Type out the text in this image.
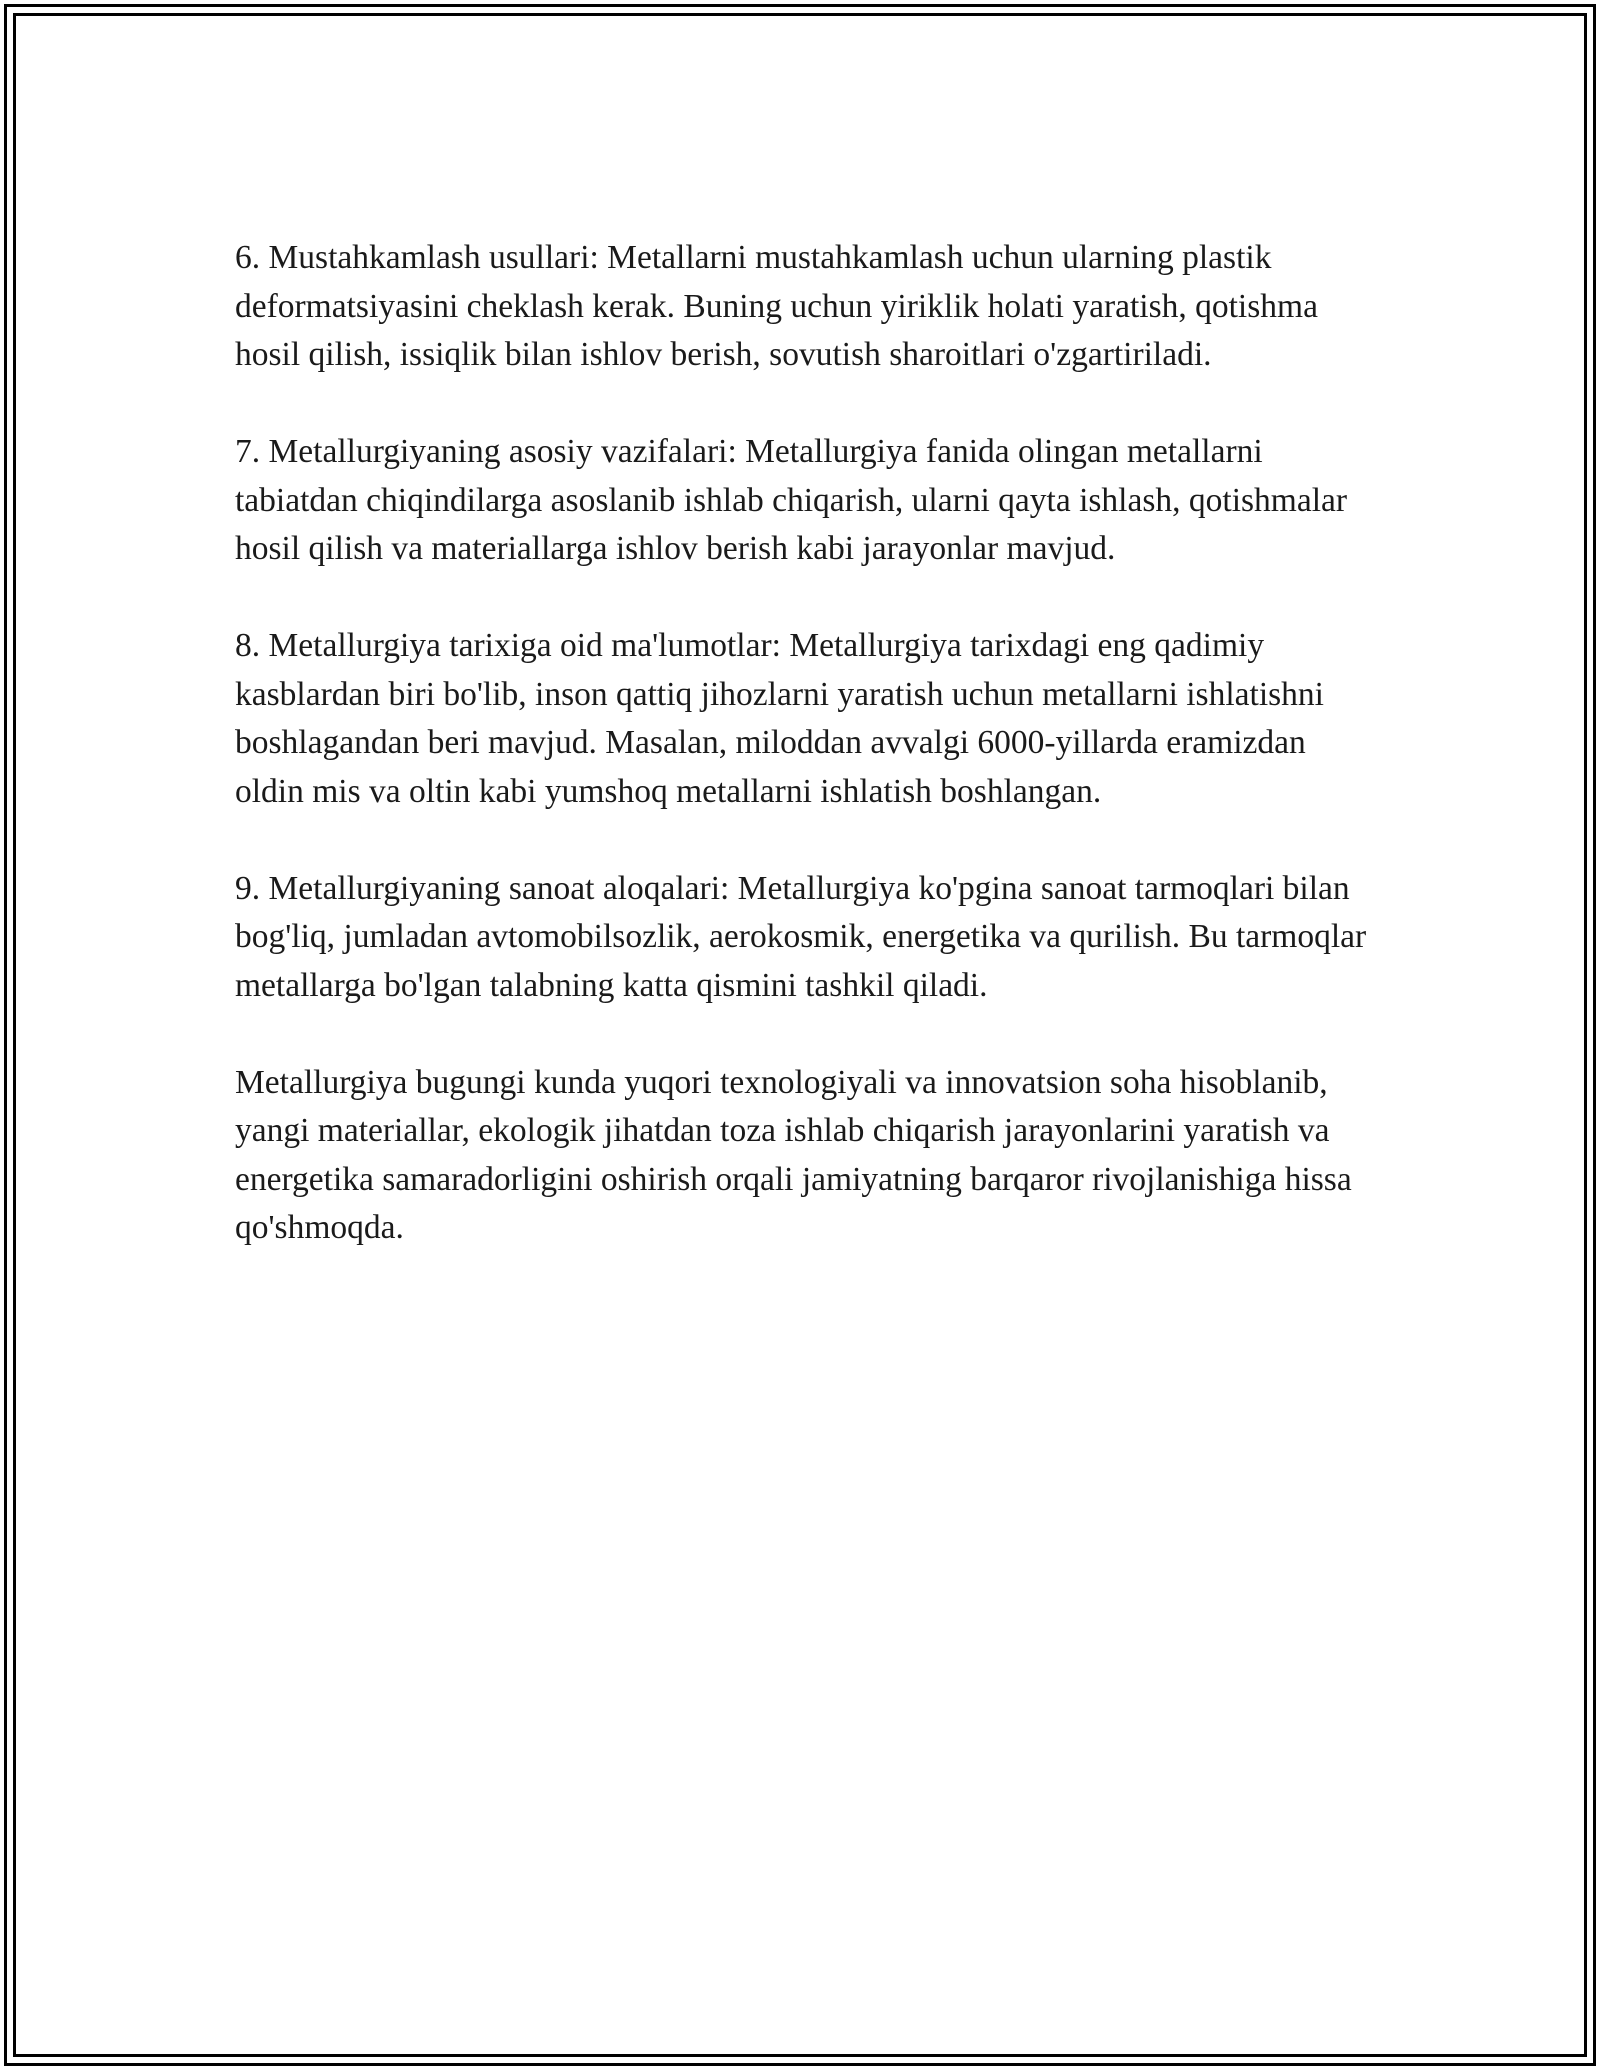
6. Mustahkamlash usullari: Metallarni mustahkamlash uchun ularning plastik deformatsiyasini cheklash kerak. Buning uchun yiriklik holati yaratish, qotishma hosil qilish, issiqlik bilan ishlov berish, sovutish sharoitlari o'zgartiriladi.

7. Metallurgiyaning asosiy vazifalari: Metallurgiya fanida olingan metallarni tabiatdan chiqindilarga asoslanib ishlab chiqarish, ularni qayta ishlash, qotishmalar hosil qilish va materiallarga ishlov berish kabi jarayonlar mavjud.

8. Metallurgiya tarixiga oid ma'lumotlar: Metallurgiya tarixdagi eng qadimiy kasblardan biri bo'lib, inson qattiq jihozlarni yaratish uchun metallarni ishlatishni boshlagandan beri mavjud. Masalan, miloddan avvalgi 6000-yillarda eramizdan oldin mis va oltin kabi yumshoq metallarni ishlatish boshlangan.

9. Metallurgiyaning sanoat aloqalari: Metallurgiya ko'pgina sanoat tarmoqlari bilan bog'liq, jumladan avtomobilsozlik, aerokosmik, energetika va qurilish. Bu tarmoqlar metallarga bo'lgan talabning katta qismini tashkil qiladi.

Metallurgiya bugungi kunda yuqori texnologiyali va innovatsion soha hisoblanib, yangi materiallar, ekologik jihatdan toza ishlab chiqarish jarayonlarini yaratish va energetika samaradorligini oshirish orqali jamiyatning barqaror rivojlanishiga hissa qo'shmoqda.
